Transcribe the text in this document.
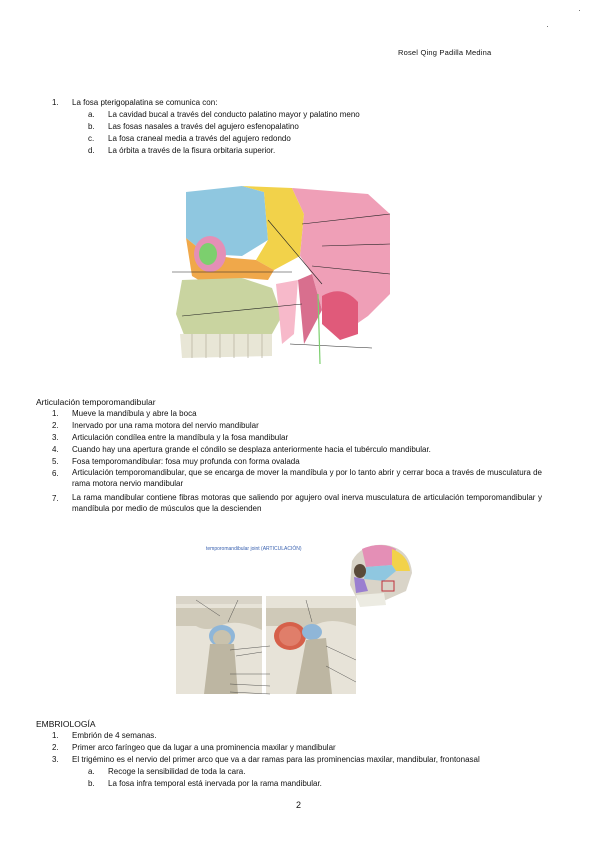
Rosel Qing Padilla Medina
1. La fosa pterigopalatina se comunica con:
a. La cavidad bucal a través del conducto palatino mayor y palatino meno
b. Las fosas nasales a través del agujero esfenopalatino
c. La fosa craneal media a través del agujero redondo
d. La órbita a través de la fisura orbitaria superior.
Articulación temporomandibular
1. Mueve la mandíbula y abre la boca
2. Inervado por una rama motora del nervio mandibular
3. Articulación condílea entre la mandíbula y la fosa mandibular
4. Cuando hay una apertura grande el cóndilo se desplaza anteriormente hacia el tubérculo mandibular.
5. Fosa temporomandibular: fosa muy profunda con forma ovalada
6.	Articulación temporomandibular, que se encarga de mover la mandíbula y por lo tanto abrir y cerrar boca a través de musculatura de rama motora nervio mandibular
7.	La rama mandibular contiene fibras motoras que saliendo por agujero oval inerva musculatura de articulación temporomandibular y mandíbula por medio de músculos que la descienden
temporomandibular joint (ARTICULACIÓN)
EMBRIOLOGÍA
1. Embrión de 4 semanas.
2. Primer arco faríngeo que da lugar a una prominencia maxilar y mandibular
3. El trigémino es el nervio del primer arco que va a dar ramas para las prominencias maxilar, mandibular, frontonasal
a. Recoge la sensibilidad de toda la cara.
b. La fosa infra temporal está inervada por la rama mandibular.
2
